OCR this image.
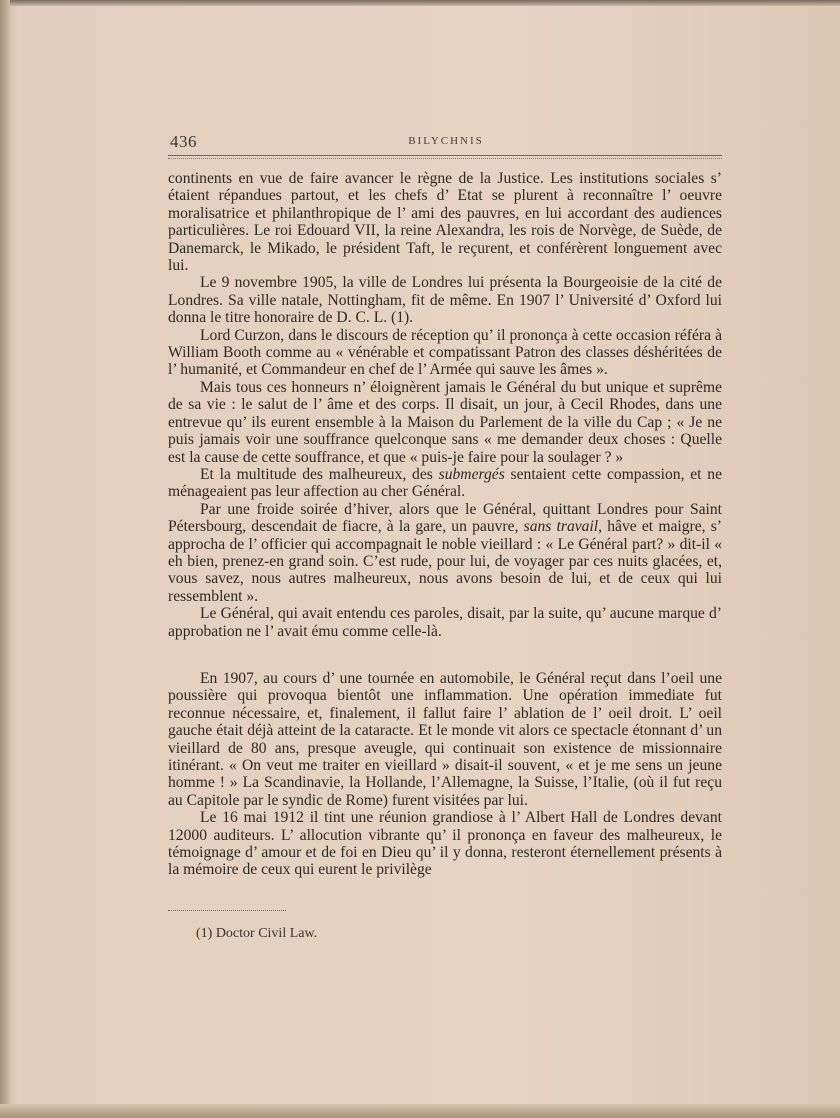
436	BILYCHNIS

continents en vue de faire avancer le règne de la Justice. Les institutions sociales s’ étaient répandues partout, et les chefs d’ Etat se plurent à reconnaître l’ oeuvre moralisatrice et philanthropique de l’ ami des pauvres, en lui accordant des audiences particulières. Le roi Edouard VII, la reine Alexandra, les rois de Norvège, de Suède, de Danemarck, le Mikado, le président Taft, le reçurent, et conférèrent longuement avec lui.

Le 9 novembre 1905, la ville de Londres lui présenta la Bourgeoisie de la cité de Londres. Sa ville natale, Nottingham, fit de même. En 1907 l’ Université d’ Oxford lui donna le titre honoraire de D. C. L. (1).

Lord Curzon, dans le discours de réception qu’ il prononça à cette occasion référa à William Booth comme au « vénérable et compatissant Patron des classes déshéritées de l’ humanité, et Commandeur en chef de l’ Armée qui sauve les âmes ».

Mais tous ces honneurs n’ éloignèrent jamais le Général du but unique et suprême de sa vie : le salut de l’ âme et des corps. Il disait, un jour, à Cecil Rhodes, dans une entrevue qu’ ils eurent ensemble à la Maison du Parlement de la ville du Cap ; « Je ne puis jamais voir une souffrance quelconque sans « me demander deux choses : Quelle est la cause de cette souffrance, et que « puis-je faire pour la soulager ? »

Et la multitude des malheureux, des submergés sentaient cette compassion, et ne ménageaient pas leur affection au cher Général.

Par une froide soirée d’hiver, alors que le Général, quittant Londres pour Saint Pétersbourg, descendait de fiacre, à la gare, un pauvre, sans travail, hâve et maigre, s’ approcha de l’ officier qui accompagnait le noble vieillard : « Le Général part? » dit-il « eh bien, prenez-en grand soin. C’est rude, pour lui, de voyager par ces nuits glacées, et, vous savez, nous autres malheureux, nous avons besoin de lui, et de ceux qui lui ressemblent ».

Le Général, qui avait entendu ces paroles, disait, par la suite, qu’ aucune marque d’ approbation ne l’ avait ému comme celle-là.

En 1907, au cours d’ une tournée en automobile, le Général reçut dans l’oeil une poussière qui provoqua bientôt une inflammation. Une opération immediate fut reconnue nécessaire, et, finalement, il fallut faire l’ ablation de l’ oeil droit. L’ oeil gauche était déjà atteint de la cataracte. Et le monde vit alors ce spectacle étonnant d’ un vieillard de 80 ans, presque aveugle, qui continuait son existence de missionnaire itinérant. « On veut me traiter en vieillard » disait-il souvent, « et je me sens un jeune homme ! » La Scandinavie, la Hollande, l’Allemagne, la Suisse, l’Italie, (où il fut reçu au Capitole par le syndic de Rome) furent visitées par lui.

Le 16 mai 1912 il tint une réunion grandiose à l’ Albert Hall de Londres devant 12000 auditeurs. L’ allocution vibrante qu’ il prononça en faveur des malheureux, le témoignage d’ amour et de foi en Dieu qu’ il y donna, resteront éternellement présents à la mémoire de ceux qui eurent le privilège

(1) Doctor Civil Law.
